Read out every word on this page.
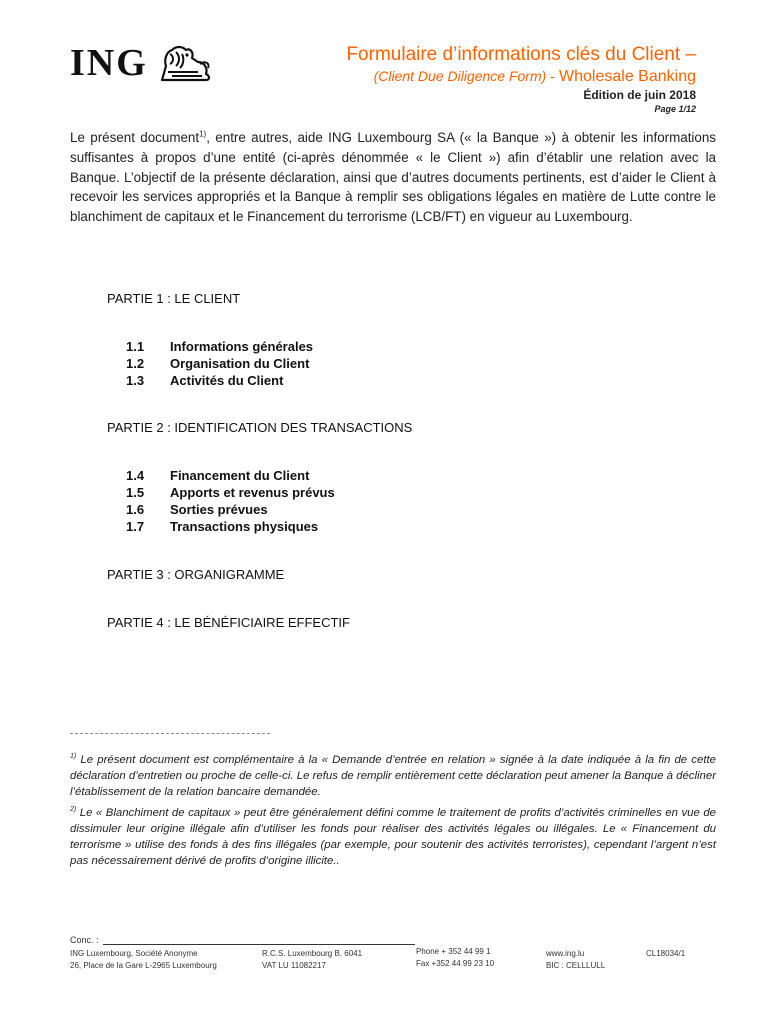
ING	Formulaire d’informations clés du Client –
(Client Due Diligence Form) - Wholesale Banking
Édition de juin 2018
Page 1/12
Le présent document$^{1)}$, entre autres, aide ING Luxembourg SA (« la Banque ») à obtenir les informations suffisantes à propos d’une entité (ci-après dénommée « le Client ») afin d’établir une relation avec la Banque. L’objectif de la présente déclaration, ainsi que d’autres documents pertinents, est d’aider le Client à recevoir les services appropriés et la Banque à remplir ses obligations légales en matière de Lutte contre le blanchiment de capitaux et le Financement du terrorisme (LCB/FT) en vigueur au Luxembourg.
PARTIE 1 : LE CLIENT
1.1	Informations générales
1.2	Organisation du Client
1.3	Activités du Client
PARTIE 2 : IDENTIFICATION DES TRANSACTIONS
1.4	Financement du Client
1.5	Apports et revenus prévus
1.6	Sorties prévues
1.7	Transactions physiques
PARTIE 3 : ORGANIGRAMME
PARTIE 4 : LE BÉNÉFICIAIRE EFFECTIF
$^{1)}$ Le présent document est complémentaire à la « Demande d’entrée en relation » signée à la date indiquée à la fin de cette déclaration d’entretien ou proche de celle-ci. Le refus de remplir entièrement cette déclaration peut amener la Banque à décliner l’établissement de la relation bancaire demandée.
$^{2)}$ Le « Blanchiment de capitaux » peut être généralement défini comme le traitement de profits d’activités criminelles en vue de dissimuler leur origine illégale afin d’utiliser les fonds pour réaliser des activités légales ou illégales. Le « Financement du terrorisme » utilise des fonds à des fins illégales (par exemple, pour soutenir des activités terroristes), cependant l’argent n’est pas nécessairement dérivé de profits d’origine illicite..
Conc. :
ING Luxembourg, Société Anonyme
26, Place de la Gare L-2965 Luxembourg
R.C.S. Luxembourg B. 6041
VAT LU 11082217
Phone + 352 44 99 1
Fax +352 44 99 23 10
www.ing.lu
BIC : CELLLULL
CL18034/1
